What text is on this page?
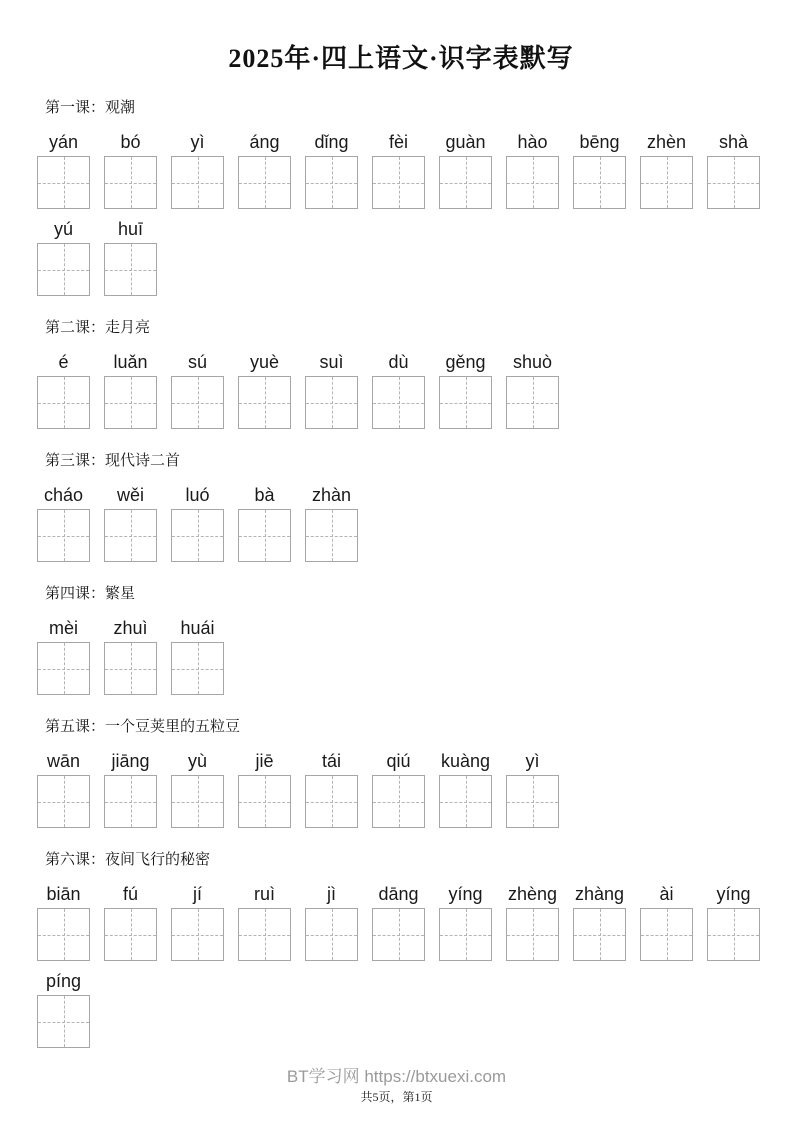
2025年·四上语文·识字表默写
第一课：观潮
yán bó	yì áng dǐng fèi guàn hào bēng zhèn shà
yú huī
第二课：走月亮
é luǎn sú yuè suì dù gěng shuò
第三课：现代诗二首
cháo wěi luó bà zhàn
第四课：繁星
mèi zhuì huái
第五课：一个豆荚里的五粒豆
wān jiāng yù	jiē	tái	qiú kuàng yì
第六课：夜间飞行的秘密
biān fú	jí	ruì	jì dāng yíng zhèng zhàng ài yíng
píng
BT学习网 https://btxuexi.com
共5页，第1页
